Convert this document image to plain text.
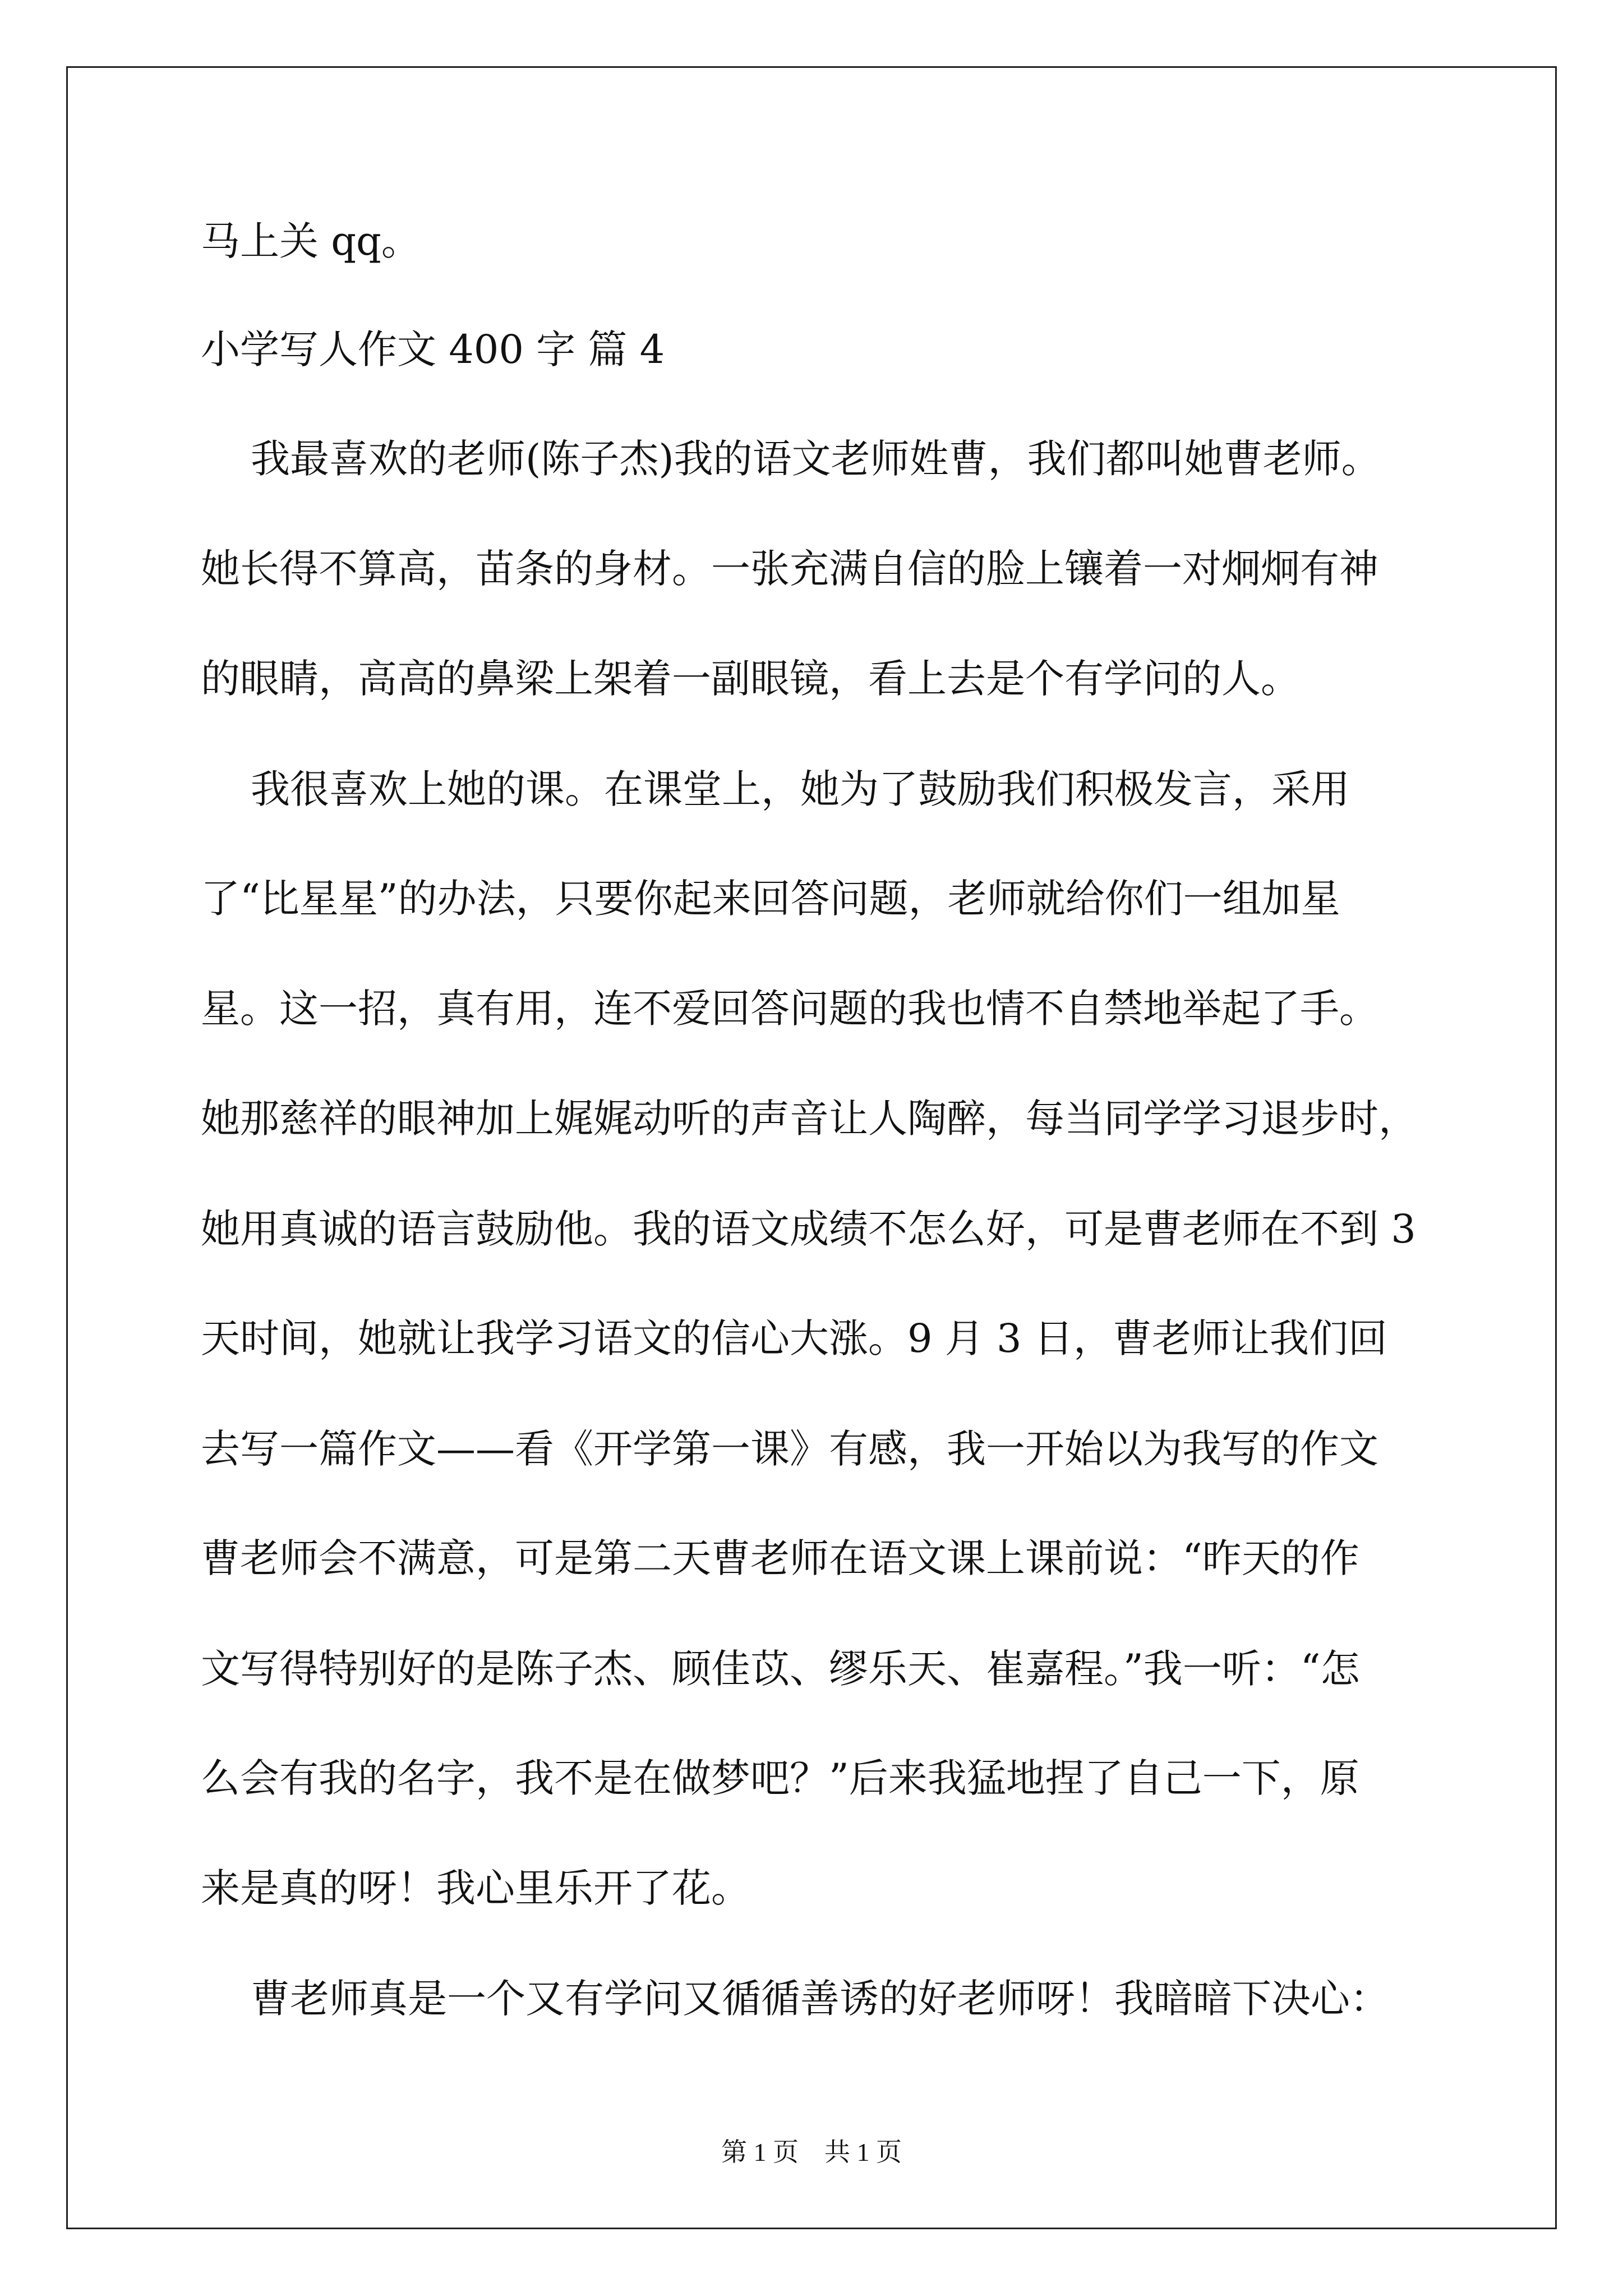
马上关 qq。

小学写人作文 400 字 篇 4

我最喜欢的老师(陈子杰)我的语文老师姓曹，我们都叫她曹老师。

她长得不算高，苗条的身材。一张充满自信的脸上镶着一对炯炯有神

的眼睛，高高的鼻梁上架着一副眼镜，看上去是个有学问的人。

我很喜欢上她的课。在课堂上，她为了鼓励我们积极发言，采用

了“比星星”的办法，只要你起来回答问题，老师就给你们一组加星

星。这一招，真有用，连不爱回答问题的我也情不自禁地举起了手。

她那慈祥的眼神加上娓娓动听的声音让人陶醉，每当同学学习退步时，

她用真诚的语言鼓励他。我的语文成绩不怎么好，可是曹老师在不到 3

天时间，她就让我学习语文的信心大涨。9 月 3 日，曹老师让我们回

去写一篇作文——看《开学第一课》有感，我一开始以为我写的作文

曹老师会不满意，可是第二天曹老师在语文课上课前说：“昨天的作

文写得特别好的是陈子杰、顾佳苡、缪乐天、崔嘉程。”我一听：“怎

么会有我的名字，我不是在做梦吧？”后来我猛地捏了自己一下，原

来是真的呀！我心里乐开了花。

曹老师真是一个又有学问又循循善诱的好老师呀！我暗暗下决心：

第 1 页    共 1 页
